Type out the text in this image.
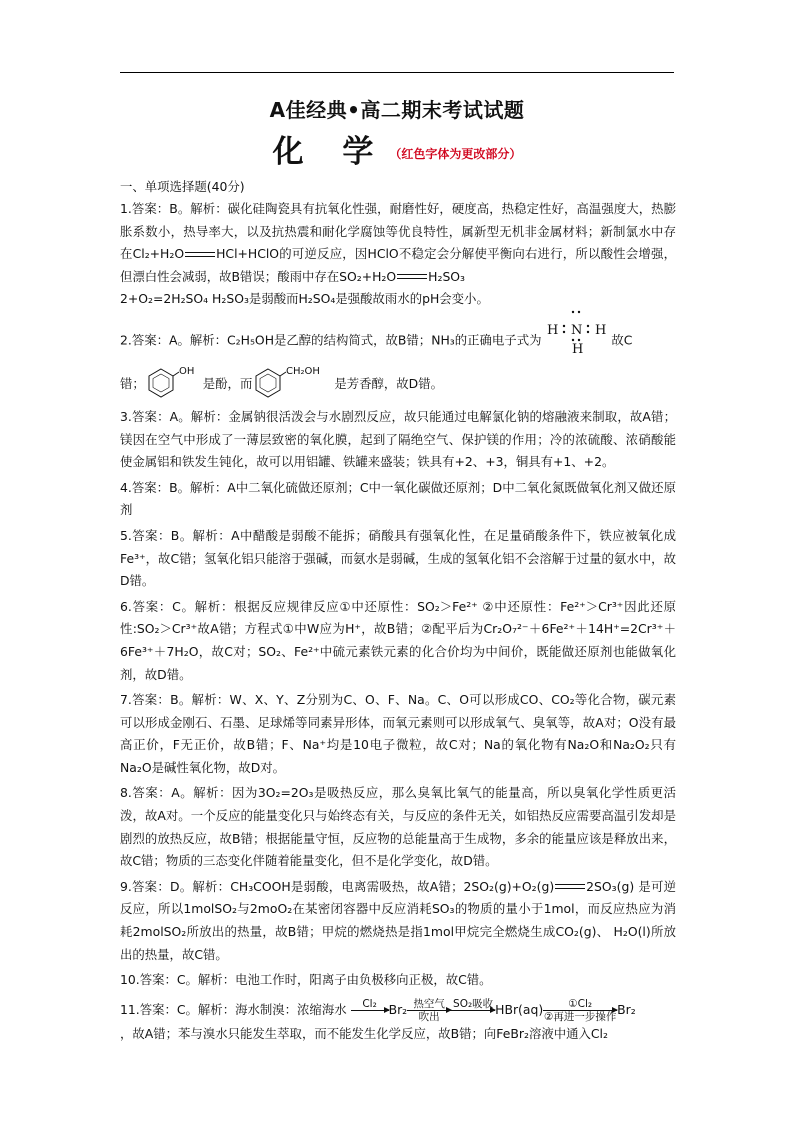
A佳经典•高二期末考试试题
化 学 $^{(红色字体为更改部分)}$
一、单项选择题(40分)

1.答案：B。解析：碳化硅陶瓷具有抗氧化性强，耐磨性好，硬度高，热稳定性好，高温强度大，热膨胀系数小，热导率大，以及抗热震和耐化学腐蚀等优良特性，属新型无机非金属材料；新制氯水中存在Cl₂+H₂O	HCl+HClO的可逆反应，因HClO不稳定会分解使平衡向右进行，所以酸性会增强，但漂白性会减弱，故B错误；酸雨中存在SO₂+H₂O	H₂SO₃
2+O₂=2H₂SO₄ H₂SO₃是弱酸而H₂SO₄是强酸故雨水的pH会变小。

2.答案：A。解析：C₂H₅OH是乙醇的结构简式，故B错；NH₃的正确电子式为
H N H
H
故C

错；
OH
是酚，而
CH₂OH
是芳香醇，故D错。

3.答案：A。解析：金属钠很活泼会与水剧烈反应，故只能通过电解氯化钠的熔融液来制取，故A错；镁因在空气中形成了一薄层致密的氧化膜，起到了隔绝空气、保护镁的作用；冷的浓硫酸、浓硝酸能使金属铝和铁发生钝化，故可以用铝罐、铁罐来盛装；铁具有+2、+3，铜具有+1、+2。

4.答案：B。解析：A中二氧化硫做还原剂；C中一氧化碳做还原剂；D中二氧化氮既做氧化剂又做还原剂

5.答案：B。解析：A中醋酸是弱酸不能拆；硝酸具有强氧化性，在足量硝酸条件下，铁应被氧化成Fe³⁺，故C错；氢氧化铝只能溶于强碱，而氨水是弱碱，生成的氢氧化铝不会溶解于过量的氨水中，故D错。

6.答案：C。解析：根据反应规律反应①中还原性：SO₂＞Fe²⁺ ②中还原性：Fe²⁺＞Cr³⁺因此还原性:SO₂＞Cr³⁺故A错；方程式①中W应为H⁺，故B错；②配平后为Cr₂O₇²⁻＋6Fe²⁺＋14H⁺=2Cr³⁺＋6Fe³⁺＋7H₂O，故C对；SO₂、Fe²⁺中硫元素铁元素的化合价均为中间价，既能做还原剂也能做氧化剂，故D错。

7.答案：B。解析：W、X、Y、Z分别为C、O、F、Na。C、O可以形成CO、CO₂等化合物，碳元素可以形成金刚石、石墨、足球烯等同素异形体，而氧元素则可以形成氧气、臭氧等，故A对；O没有最高正价，F无正价，故B错；F、Na⁺均是10电子微粒，故C对；Na的氧化物有Na₂O和Na₂O₂只有Na₂O是碱性氧化物，故D对。

8.答案：A。解析：因为3O₂=2O₃是吸热反应，那么臭氧比氧气的能量高，所以臭氧化学性质更活泼，故A对。一个反应的能量变化只与始终态有关，与反应的条件无关，如铝热反应需要高温引发却是剧烈的放热反应，故B错；根据能量守恒，反应物的总能量高于生成物，多余的能量应该是释放出来，故C错；物质的三态变化伴随着能量变化，但不是化学变化，故D错。

9.答案：D。解析：CH₃COOH是弱酸，电离需吸热，故A错；2SO₂(g)+O₂(g)	2SO₃(g) 是可逆反应，所以1molSO₂与2moO₂在某密闭容器中反应消耗SO₃的物质的量小于1mol，而反应热应为消耗2molSO₂所放出的热量，故B错；甲烷的燃烧热是指1mol甲烷完全燃烧生成CO₂(g)、 H₂O(l)所放出的热量，故C错。

10.答案：C。解析：电池工作时，阳离子由负极移向正极，故C错。

11.答案：C。解析：海水制溴：浓缩海水	Cl₂
Br₂ 热空气
吹出
SO₂吸收
HBr(aq)	①Cl₂
②再进一步操作 Br₂
，故A错；苯与溴水只能发生萃取，而不能发生化学反应，故B错；向FeBr₂溶液中通入Cl₂
